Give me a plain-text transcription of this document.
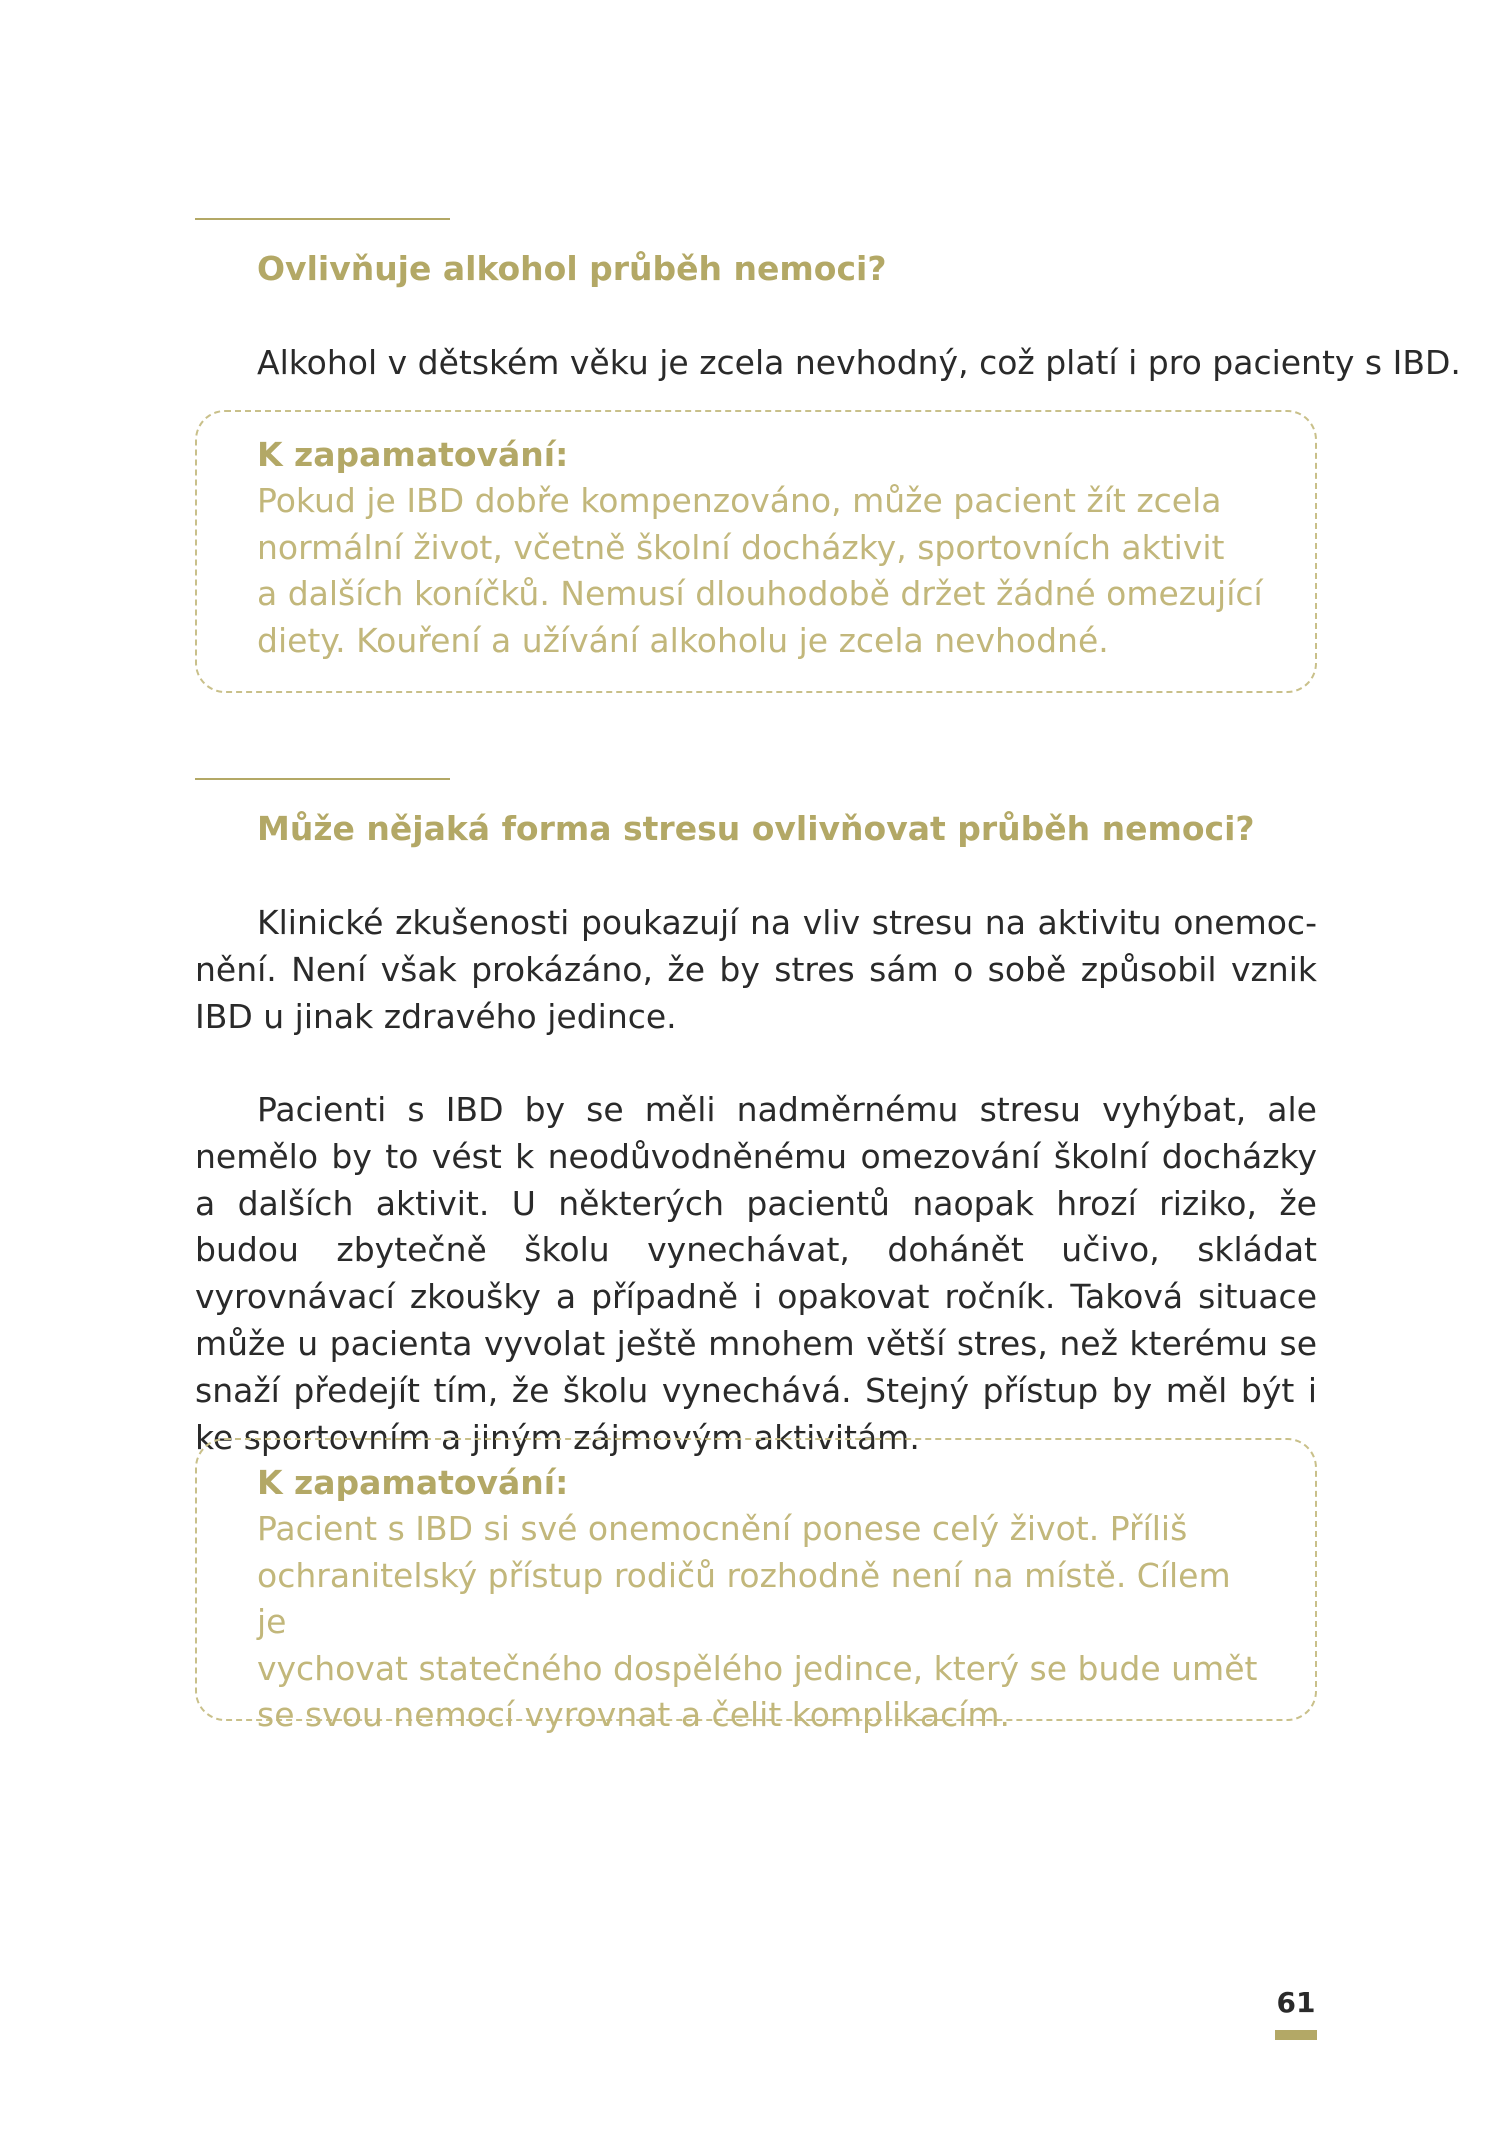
Ovlivňuje alkohol průběh nemoci?

Alkohol v dětském věku je zcela nevhodný, což platí i pro pacienty s IBD.

K zapamatování:

Pokud je IBD dobře kompenzováno, může pacient žít zcela
normální život, včetně školní docházky, sportovních aktivit
a dalších koníčků. Nemusí dlouhodobě držet žádné omezující
diety. Kouření a užívání alkoholu je zcela nevhodné.

Může nějaká forma stresu ovlivňovat průběh nemoci?

Klinické zkušenosti poukazují na vliv stresu na aktivitu onemocnění. Není však prokázáno, že by stres sám o sobě způsobil vznik IBD u jinak zdravého jedince.

Pacienti s IBD by se měli nadměrnému stresu vyhýbat, ale nemělo by to vést k neodůvodněnému omezování školní docházky a dalších aktivit. U některých pacientů naopak hrozí riziko, že budou zbytečně školu vynechávat, dohánět učivo, skládat vyrovnávací zkoušky a případně i opakovat ročník. Taková situace může u pacienta vyvolat ještě mnohem větší stres, než kterému se snaží předejít tím, že školu vynechává. Stejný přístup by měl být i ke sportovním a jiným zájmovým aktivitám.

K zapamatování:

Pacient s IBD si své onemocnění ponese celý život. Příliš
ochranitelský přístup rodičů rozhodně není na místě. Cílem je
vychovat statečného dospělého jedince, který se bude umět
se svou nemocí vyrovnat a čelit komplikacím.

61
